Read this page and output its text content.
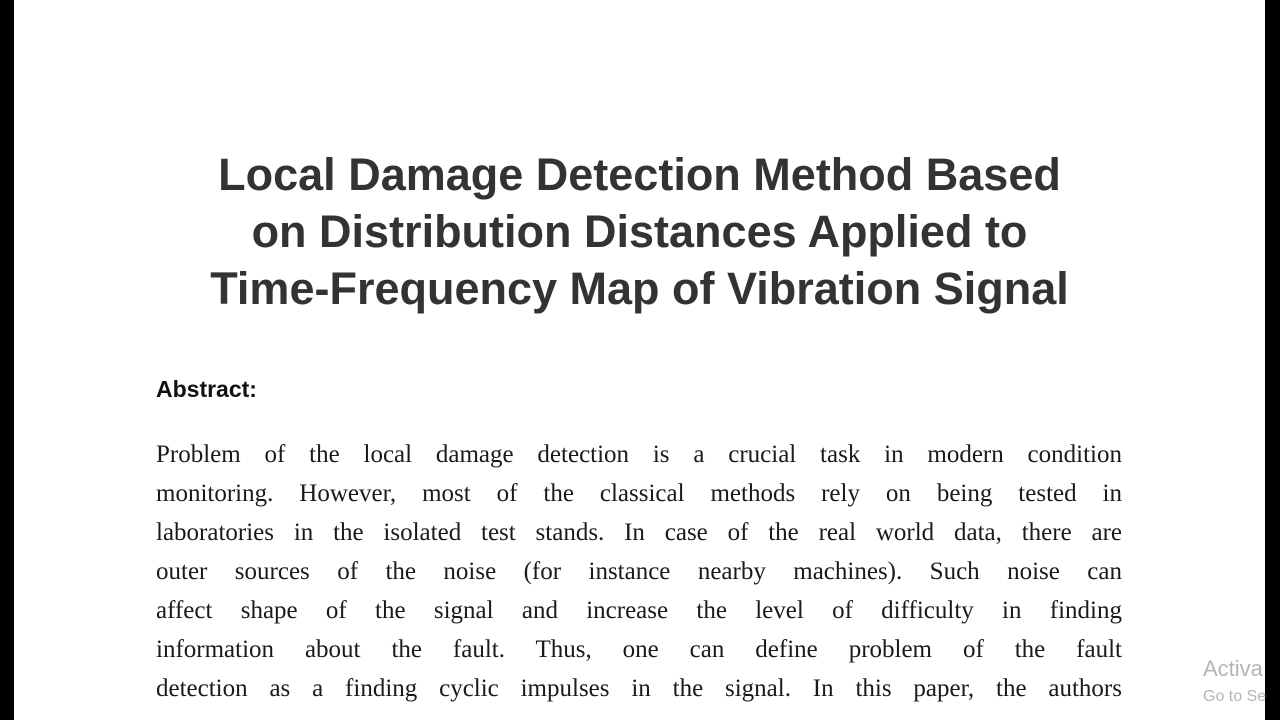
Local Damage Detection Method Based
on Distribution Distances Applied to
Time-Frequency Map of Vibration Signal
Abstract:
Problem of the local damage detection is a crucial task in modern condition
monitoring. However, most of the classical methods rely on being tested in
laboratories in the isolated test stands. In case of the real world data, there are
outer sources of the noise (for instance nearby machines). Such noise can
affect shape of the signal and increase the level of difficulty in finding
information about the fault. Thus, one can define problem of the fault
detection as a finding cyclic impulses in the signal. In this paper, the authors
Activa
Go to Se
